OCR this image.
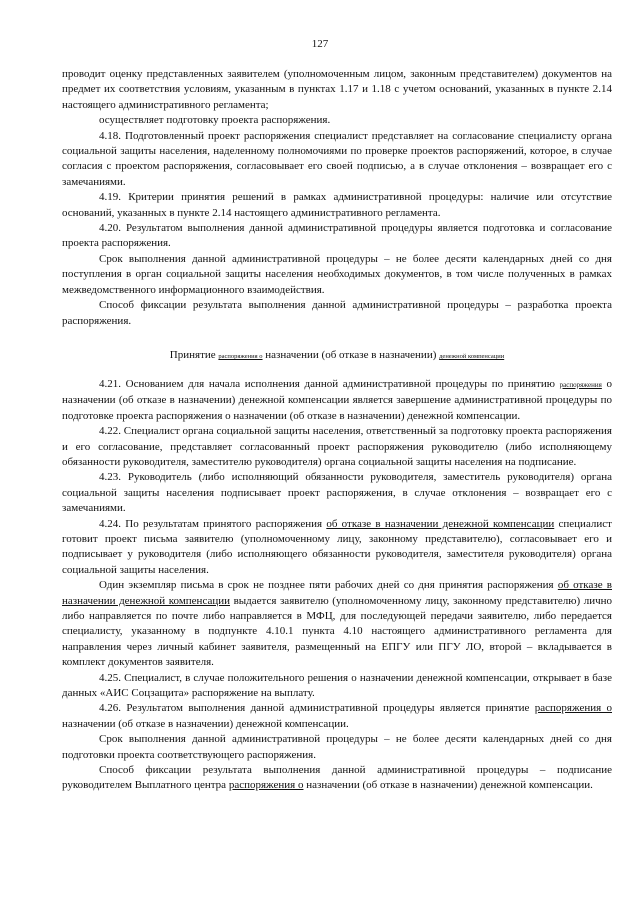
127

проводит оценку представленных заявителем (уполномоченным лицом, законным представителем) документов на предмет их соответствия условиям, указанным в пунктах 1.17 и 1.18 с учетом оснований, указанных в пункте 2.14 настоящего административного регламента;

осуществляет подготовку проекта распоряжения.

4.18. Подготовленный проект распоряжения специалист представляет на согласование специалисту органа социальной защиты населения, наделенному полномочиями по проверке проектов распоряжений, которое, в случае согласия с проектом распоряжения, согласовывает его своей подписью, а в случае отклонения – возвращает его с замечаниями.

4.19. Критерии принятия решений в рамках административной процедуры: наличие или отсутствие оснований, указанных в пункте 2.14 настоящего административного регламента.

4.20. Результатом выполнения данной административной процедуры является подготовка и согласование проекта распоряжения.

Срок выполнения данной административной процедуры – не более десяти календарных дней со дня поступления в орган социальной защиты населения необходимых документов, в том числе полученных в рамках межведомственного информационного взаимодействия.

Способ фиксации результата выполнения данной административной процедуры – разработка проекта распоряжения.

Принятие распоряжения о назначении (об отказе в назначении) денежной компенсации

4.21. Основанием для начала исполнения данной административной процедуры по принятию распоряжения о назначении (об отказе в назначении) денежной компенсации является завершение административной процедуры по подготовке проекта распоряжения о назначении (об отказе в назначении) денежной компенсации.

4.22. Специалист органа социальной защиты населения, ответственный за подготовку проекта распоряжения и его согласование, представляет согласованный проект распоряжения руководителю (либо исполняющему обязанности руководителя, заместителю руководителя) органа социальной защиты населения на подписание.

4.23. Руководитель (либо исполняющий обязанности руководителя, заместитель руководителя) органа социальной защиты населения подписывает проект распоряжения, в случае отклонения – возвращает его с замечаниями.

4.24. По результатам принятого распоряжения об отказе в назначении денежной компенсации специалист готовит проект письма заявителю (уполномоченному лицу, законному представителю), согласовывает его и подписывает у руководителя (либо исполняющего обязанности руководителя, заместителя руководителя) органа социальной защиты населения.

Один экземпляр письма в срок не позднее пяти рабочих дней со дня принятия распоряжения об отказе в назначении денежной компенсации выдается заявителю (уполномоченному лицу, законному представителю) лично либо направляется по почте либо направляется в МФЦ, для последующей передачи заявителю, либо передается специалисту, указанному в подпункте 4.10.1 пункта 4.10 настоящего административного регламента для направления через личный кабинет заявителя, размещенный на ЕПГУ или ПГУ ЛО, второй – вкладывается в комплект документов заявителя.

4.25. Специалист, в случае положительного решения о назначении денежной компенсации, открывает в базе данных «АИС Соцзащита» распоряжение на выплату.

4.26. Результатом выполнения данной административной процедуры является принятие распоряжения о назначении (об отказе в назначении) денежной компенсации.

Срок выполнения данной административной процедуры – не более десяти календарных дней со дня подготовки проекта соответствующего распоряжения.

Способ фиксации результата выполнения данной административной процедуры – подписание руководителем Выплатного центра распоряжения о назначении (об отказе в назначении) денежной компенсации.
